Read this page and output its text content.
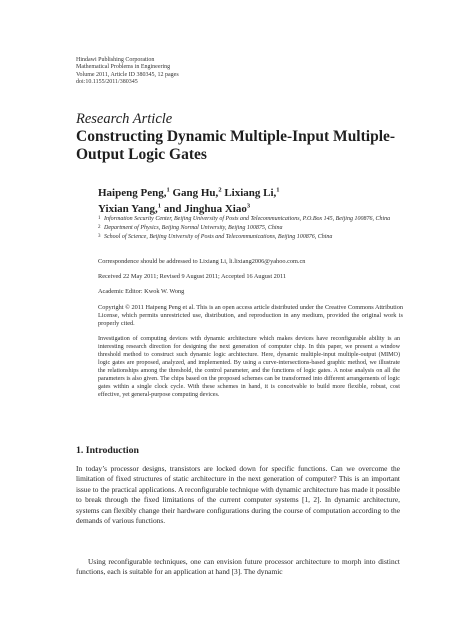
Hindawi Publishing Corporation
Mathematical Problems in Engineering
Volume 2011, Article ID 380345, 12 pages
doi:10.1155/2011/380345
Research Article
Constructing Dynamic Multiple-Input Multiple-Output Logic Gates
Haipeng Peng,$^1$ Gang Hu,$^2$ Lixiang Li,$^1$
Yixian Yang,$^1$ and Jinghua Xiao$^3$
1 Information Security Center, Beijing University of Posts and Telecommunications, P.O.Box 145, Beijing 100876, China
2 Department of Physics, Beijing Normal University, Beijing 100875, China
3 School of Science, Beijing University of Posts and Telecommunications, Beijing 100876, China
Correspondence should be addressed to Lixiang Li, li.lixiang2006@yahoo.com.cn
Received 22 May 2011; Revised 9 August 2011; Accepted 16 August 2011
Academic Editor: Kwok W. Wong
Copyright © 2011 Haipeng Peng et al. This is an open access article distributed under the Creative Commons Attribution License, which permits unrestricted use, distribution, and reproduction in any medium, provided the original work is properly cited.
Investigation of computing devices with dynamic architecture which makes devices have reconfigurable ability is an interesting research direction for designing the next generation of computer chip. In this paper, we present a window threshold method to construct such dynamic logic architecture. Here, dynamic multiple-input multiple-output (MIMO) logic gates are proposed, analyzed, and implemented. By using a curve-intersections-based graphic method, we illustrate the relationships among the threshold, the control parameter, and the functions of logic gates. A noise analysis on all the parameters is also given. The chips based on the proposed schemes can be transformed into different arrangements of logic gates within a single clock cycle. With these schemes in hand, it is conceivable to build more flexible, robust, cost effective, yet general-purpose computing devices.
1. Introduction
In today’s processor designs, transistors are locked down for specific functions. Can we overcome the limitation of fixed structures of static architecture in the next generation of computer? This is an important issue to the practical applications. A reconfigurable technique with dynamic architecture has made it possible to break through the fixed limitations of the current computer systems [1, 2]. In dynamic architecture, systems can flexibly change their hardware configurations during the course of computation according to the demands of various functions.
Using reconfigurable techniques, one can envision future processor architecture to morph into distinct functions, each is suitable for an application at hand [3]. The dynamic
